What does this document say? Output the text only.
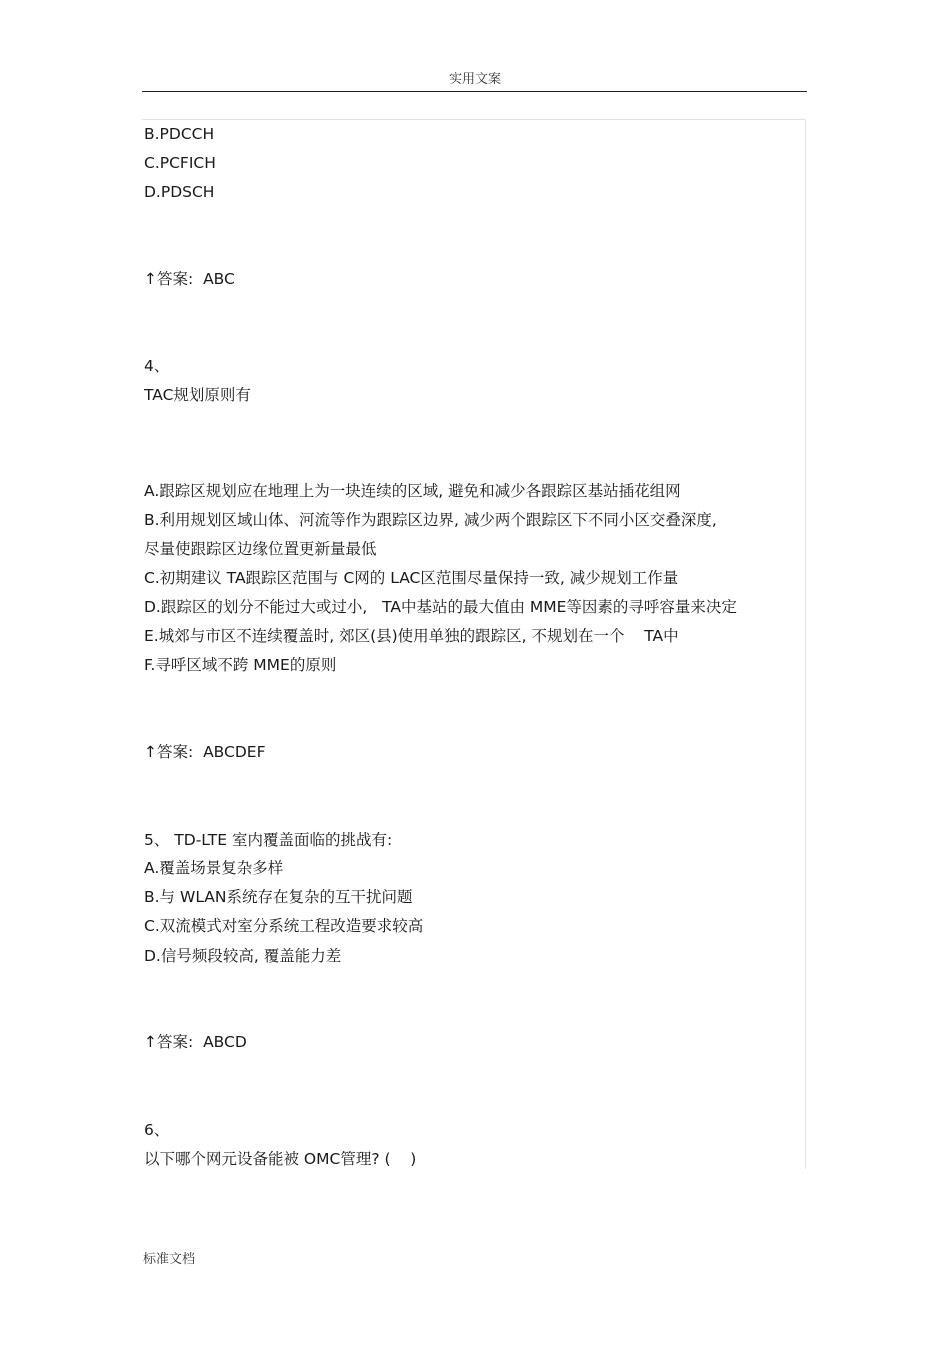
实用文案
B.PDCCH
C.PCFICH
D.PDSCH
↑答案:  ABC
4、
TAC规划原则有
A.跟踪区规划应在地理上为一块连续的区域, 避免和减少各跟踪区基站插花组网
B.利用规划区域山体、河流等作为跟踪区边界, 减少两个跟踪区下不同小区交叠深度,
尽量使跟踪区边缘位置更新量最低
C.初期建议 TA跟踪区范围与 C网的 LAC区范围尽量保持一致, 减少规划工作量
D.跟踪区的划分不能过大或过小,   TA中基站的最大值由 MME等因素的寻呼容量来决定
E.城郊与市区不连续覆盖时, 郊区(县)使用单独的跟踪区, 不规划在一个    TA中
F.寻呼区域不跨 MME的原则
↑答案:  ABCDEF
5、 TD-LTE 室内覆盖面临的挑战有:
A.覆盖场景复杂多样
B.与 WLAN系统存在复杂的互干扰问题
C.双流模式对室分系统工程改造要求较高
D.信号频段较高, 覆盖能力差
↑答案:  ABCD
6、
以下哪个网元设备能被 OMC管理? (    )
标准文档
